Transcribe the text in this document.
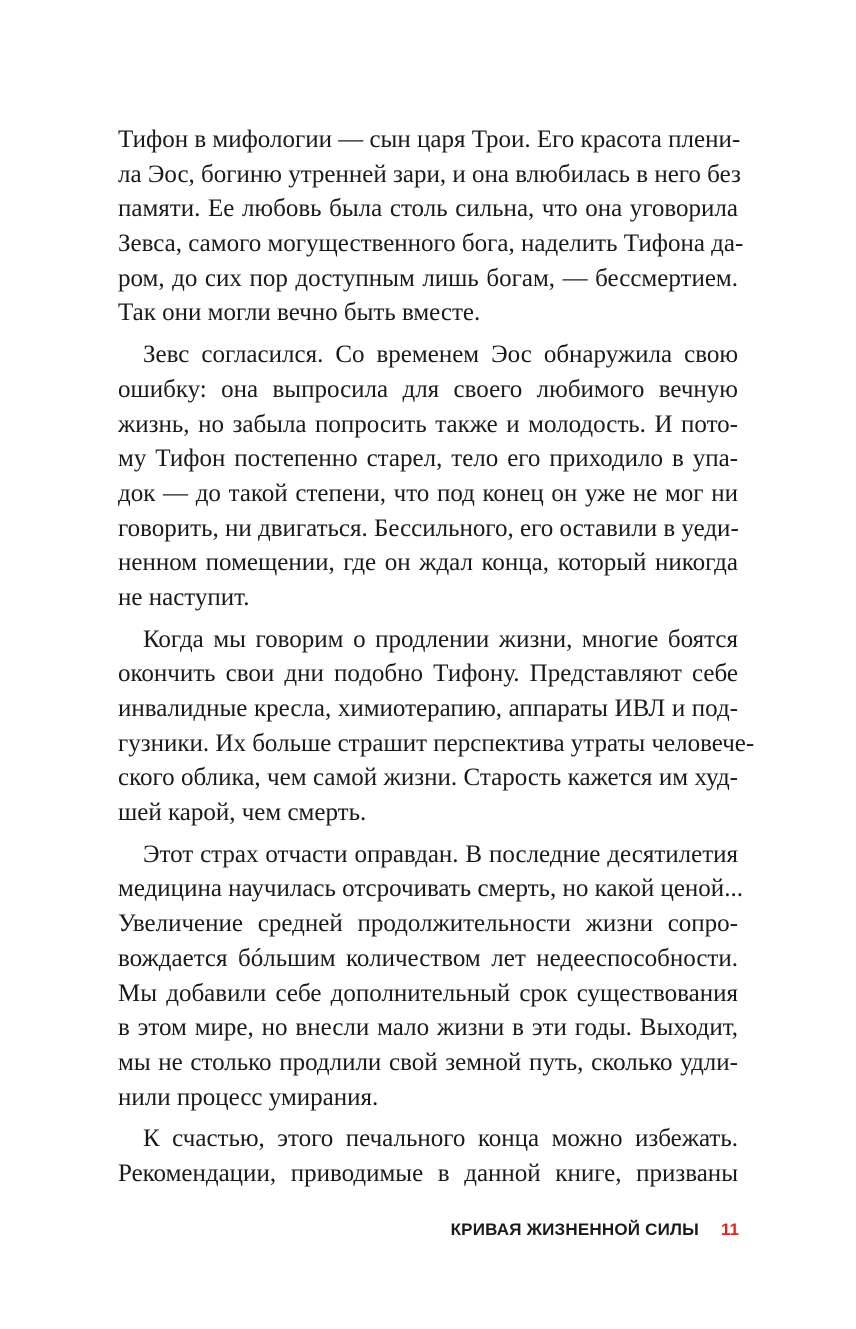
Тифон в мифологии — сын царя Трои. Его красота плени-
ла Эос, богиню утренней зари, и она влюбилась в него без
памяти. Ее любовь была столь сильна, что она уговорила
Зевса, самого могущественного бога, наделить Тифона да-
ром, до сих пор доступным лишь богам, — бессмертием.
Так они могли вечно быть вместе.
Зевс согласился. Со временем Эос обнаружила свою
ошибку: она выпросила для своего любимого вечную
жизнь, но забыла попросить также и молодость. И пото-
му Тифон постепенно старел, тело его приходило в упа-
док — до такой степени, что под конец он уже не мог ни
говорить, ни двигаться. Бессильного, его оставили в уеди-
ненном помещении, где он ждал конца, который никогда
не наступит.
Когда мы говорим о продлении жизни, многие боятся
окончить свои дни подобно Тифону. Представляют себе
инвалидные кресла, химиотерапию, аппараты ИВЛ и под-
гузники. Их больше страшит перспектива утраты человече-
ского облика, чем самой жизни. Старость кажется им худ-
шей карой, чем смерть.
Этот страх отчасти оправдан. В последние десятилетия
медицина научилась отсрочивать смерть, но какой ценой...
Увеличение средней продолжительности жизни сопро-
вождается бóльшим количеством лет недееспособности.
Мы добавили себе дополнительный срок существования
в этом мире, но внесли мало жизни в эти годы. Выходит,
мы не столько продлили свой земной путь, сколько удли-
нили процесс умирания.
К счастью, этого печального конца можно избежать.
Рекомендации, приводимые в данной книге, призваны
КРИВАЯ ЖИЗНЕННОЙ СИЛЫ 11
